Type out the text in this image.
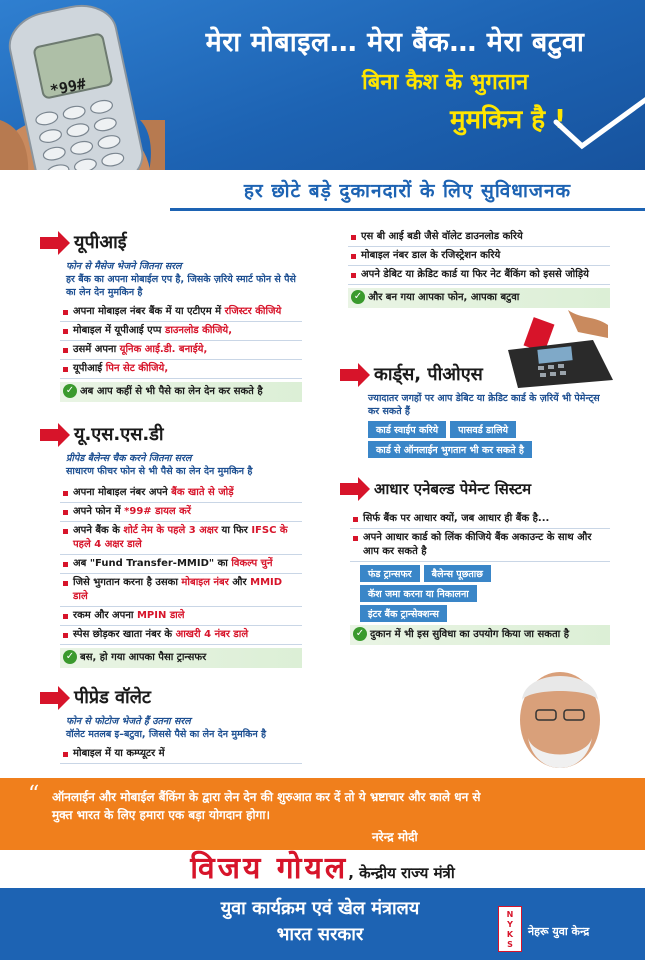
*99#
मेरा मोबाइल… मेरा बैंक… मेरा बटुवा
बिना कैश के भुगतान
मुमकिन है !
हर छोटे बड़े दुकानदारों के लिए सुविधाजनक
यूपीआई
फोन से मैसेज भेजने जितना सरल
हर बैंक का अपना मोबाईल एप है, जिसके ज़रिये स्मार्ट फोन से पैसे का लेन देन मुमकिन है
अपना मोबाइल नंबर बैंक में या एटीएम में रजिस्टर कीजिये
मोबाइल में यूपीआई एप्प डाउनलोड कीजिये,
उसमें अपना यूनिक आई.डी. बनाईये,
यूपीआई पिन सेट कीजिये,
✓ अब आप कहीं से भी पैसे का लेन देन कर सकते है
यू.एस.एस.डी
प्रीपेड बैलेन्स चैक करने जितना सरल
साधारण फीचर फोन से भी पैसे का लेन देन मुमकिन है
अपना मोबाइल नंबर अपने बैंक खाते से जोड़ें
अपने फोन में *99# डायल करें
अपने बैंक के शोर्ट नेम के पहले 3 अक्षर या फिर IFSC के पहले 4 अक्षर डाले
अब "Fund Transfer-MMID" का विकल्प चुनें
जिसे भुगतान करना है उसका मोबाइल नंबर और MMID डाले
रकम और अपना MPIN डाले
स्पेस छोड़कर खाता नंबर के आखरी 4 नंबर डाले
✓ बस, हो गया आपका पैसा ट्रान्सफर
पीप्रेड वॉलेट
फोन से फोटोज भेजते हैं उतना सरल
वॉलेट मतलब इ–बटुवा, जिससे पैसे का लेन देन मुमकिन है
मोबाइल में या कम्प्यूटर में
एस बी आई बडी जैसे वॉलेट डाउनलोड करिये
मोबाइल नंबर डाल के रजिस्ट्रेशन करिये
अपने डेबिट या क्रेडिट कार्ड या फिर नेट बैंकिंग को इससे जोड़िये
✓ और बन गया आपका फोन, आपका बटुवा
कार्ड्स, पीओएस
ज्यादातर जगहों पर आप डेबिट या क्रेडिट कार्ड के ज़रियें भी पेमेन्ट्स कर सकते हैं
कार्ड स्वाईप करिये पासवर्ड डालिये
कार्ड से ऑनलाईन भुगतान भी कर सकते है
आधार एनेबल्ड पेमेन्ट सिस्टम
सिर्फ बैंक पर आधार क्यों, जब आधार ही बैंक है...
अपने आधार कार्ड को लिंक कीजिये बैंक अकाउन्ट के साथ और आप कर सकते है
फंड ट्रान्सफर बैलेन्स पूछताछ
कॅश जमा करना या निकालना
इंटर बैंक ट्रान्सेक्शन्स
✓ दुकान में भी इस सुविधा का उपयोग किया जा सकता है
“ ऑनलाईन और मोबाईल बैंकिंग के द्वारा लेन देन की शुरुआत कर दें तो ये भ्रष्टाचार और काले धन से मुक्त भारत के लिए हमारा एक बड़ा योगदान होगा।
नरेन्द्र मोदी
विजय गोयल, केन्द्रीय राज्य मंत्री
युवा कार्यक्रम एवं खेल मंत्रालय
भारत सरकार
NYKS
नेहरू युवा केन्द्र
